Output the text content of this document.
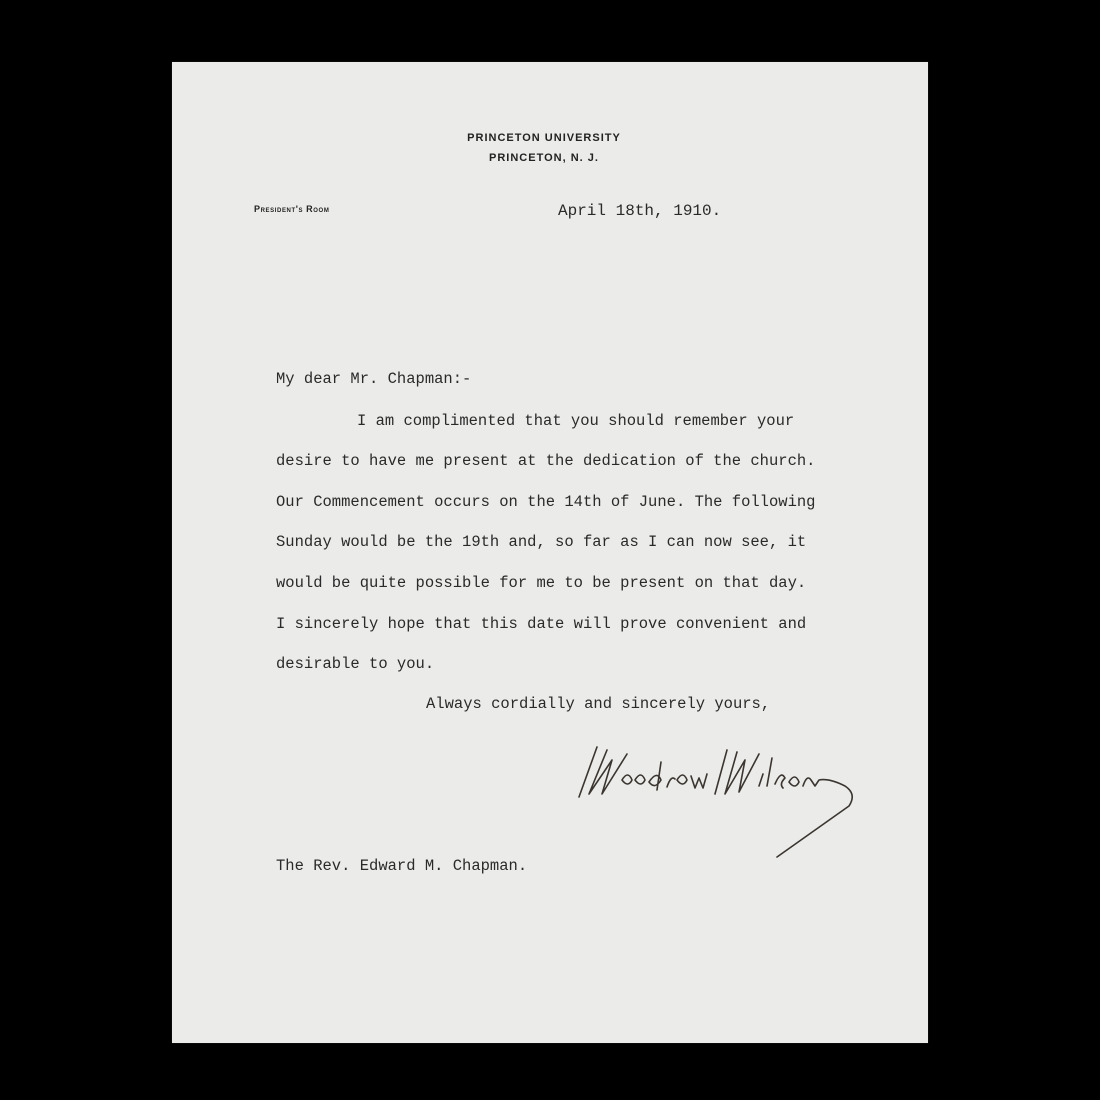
PRINCETON UNIVERSITY
PRINCETON, N. J.
President's Room	April 18th, 1910.
My dear Mr. Chapman:-
I am complimented that you should remember your
desire to have me present at the dedication of the church.
Our Commencement occurs on the 14th of June. The following
Sunday would be the 19th and, so far as I can now see, it
would be quite possible for me to be present on that day.
I sincerely hope that this date will prove convenient and
desirable to you.
Always cordially and sincerely yours,
The Rev. Edward M. Chapman.
